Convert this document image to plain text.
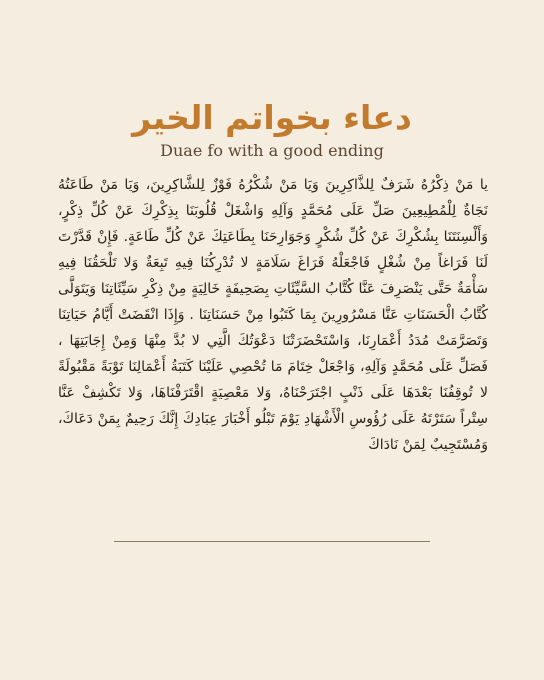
دعاء بخواتم الخير

Duae fo with a good ending

يا مَنْ ذِكْرُهُ شَرَفٌ لِلذَّاكِرِينَ وَيَا مَنْ شُكْرُهُ فَوْزٌ لِلشَّاكِرِينَ، وَيَا مَنْ طَاعَتُهُ نَجَاةٌ لِلْمُطِيعِينَ صَلِّ عَلَى مُحَمَّدٍ وَآلِهِ وَاشْغَلْ قُلُوبَنَا بِذِكْرِكَ عَنْ كُلِّ ذِكْرٍ، وَأَلْسِنَتَنَا بِشُكْرِكَ عَنْ كُلِّ شُكْرٍ وَجَوَارِحَنَا بِطَاعَتِكَ عَنْ كُلِّ طَاعَةٍ. فَإِنْ قَدَّرْتَ لَنَا فَرَاغاً مِنْ شُغْلٍ فَاجْعَلْهُ فَرَاغَ سَلَامَةٍ لا تُدْرِكُنَا فِيهِ تَبِعَةٌ وَلا تَلْحَقُنَا فِيهِ سَأْمَةٌ حَتَّى يَنْصَرِفَ عَنَّا كُتَّابُ السَّيِّئَاتِ بِصَحِيفَةٍ خَالِيَةٍ مِنْ ذِكْرِ سَيِّئَاتِنَا وَيَتَوَلَّى كُتَّابُ الْحَسَنَاتِ عَنَّا مَسْرُورِينَ بِمَا كَتَبُوا مِنْ حَسَنَاتِنَا . وَإِذَا انْقَضَتْ أَيَّامُ حَيَاتِنَا وَتَصَرَّمَتْ مُدَدُ أَعْمَارِنَا، وَاسْتَحْضَرَتْنَا دَعْوَتُكَ الَّتِي لا بُدَّ مِنْهَا وَمِنْ إِجَابَتِهَا ، فَصَلِّ عَلَى مُحَمَّدٍ وَآلِهِ، وَاجْعَلْ خِتَامَ مَا تُحْصِي عَلَيْنَا كَتَبَةُ أَعْمَالِنَا تَوْبَةً مَقْبُولَةً لا تُوقِفُنَا بَعْدَهَا عَلَى ذَنْبٍ اجْتَرَحْنَاهُ، وَلا مَعْصِيَةٍ اقْتَرَفْنَاهَا، وَلا تَكْشِفْ عَنَّا سِتْراً سَتَرْتَهُ عَلَى رُؤُوسِ الْأَشْهَادِ يَوْمَ تَبْلُو أَخْبَارَ عِبَادِكَ إِنَّكَ رَحِيمٌ بِمَنْ دَعَاكَ، وَمُسْتَجِيبٌ لِمَنْ نَادَاكَ
